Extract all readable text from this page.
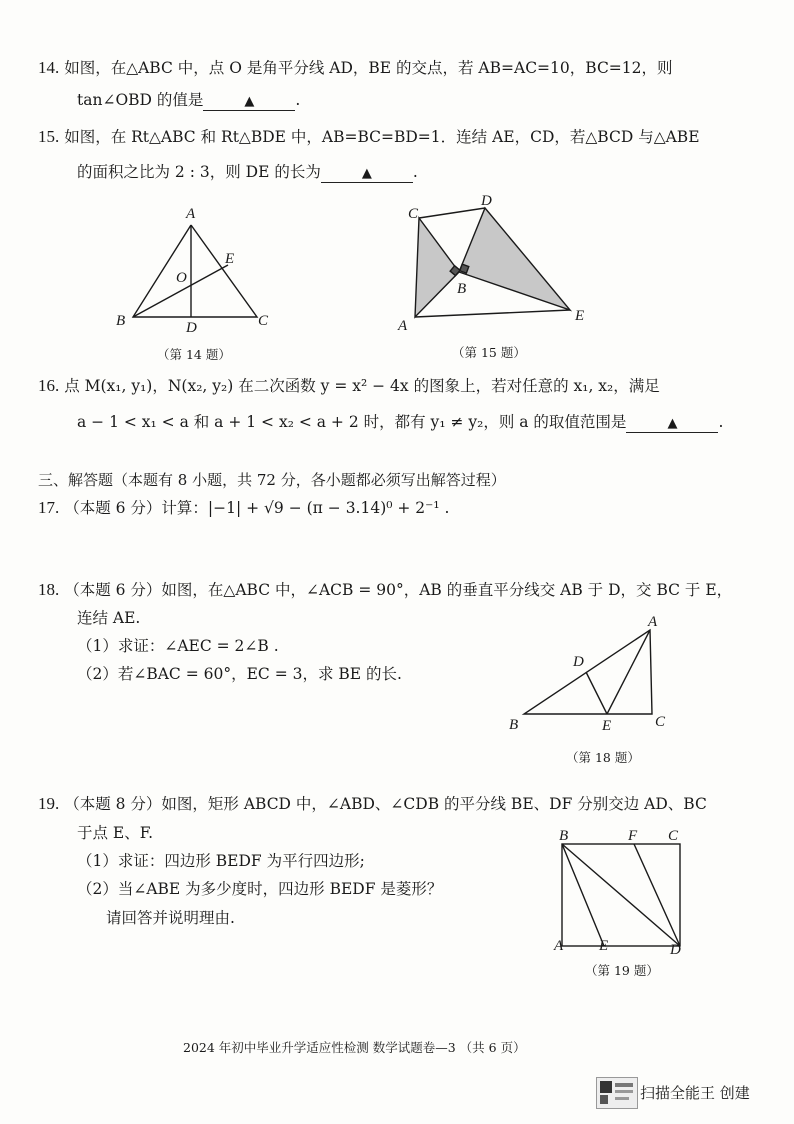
14. 如图，在△ABC 中，点 O 是角平分线 AD，BE 的交点，若 AB=AC=10，BC=12，则
tan∠OBD 的值是	▲	.
15. 如图，在 Rt△ABC 和 Rt△BDE 中，AB=BC=BD=1．连结 AE，CD，若△BCD 与△ABE
的面积之比为 2 : 3，则 DE 的长为	▲	.
A
B	C
D
E
O
（第 14 题）
C
D
A
B
E
（第 15 题）
16. 点 M(x₁, y₁)，N(x₂, y₂) 在二次函数 y = x² − 4x 的图象上，若对任意的 x₁, x₂，满足
a − 1 < x₁ < a 和 a + 1 < x₂ < a + 2 时，都有 y₁ ≠ y₂，则 a 的取值范围是	▲	.
三、解答题（本题有 8 小题，共 72 分，各小题都必须写出解答过程）
17. （本题 6 分）计算：|−1| + √9 − (π − 3.14)⁰ + 2⁻¹ .
18. （本题 6 分）如图，在△ABC 中，∠ACB = 90°，AB 的垂直平分线交 AB 于 D，交 BC 于 E，
连结 AE.
（1）求证：∠AEC = 2∠B .
（2）若∠BAC = 60°，EC = 3，求 BE 的长.
A
B	C
D
E
（第 18 题）
19. （本题 8 分）如图，矩形 ABCD 中，∠ABD、∠CDB 的平分线 BE、DF 分别交边 AD、BC
于点 E、F.
（1）求证：四边形 BEDF 为平行四边形;
（2）当∠ABE 为多少度时，四边形 BEDF 是菱形？
请回答并说明理由.
B	F C
A E	D
（第 19 题）
2024 年初中毕业升学适应性检测 数学试题卷—3 （共 6 页）
扫描全能王 创建
